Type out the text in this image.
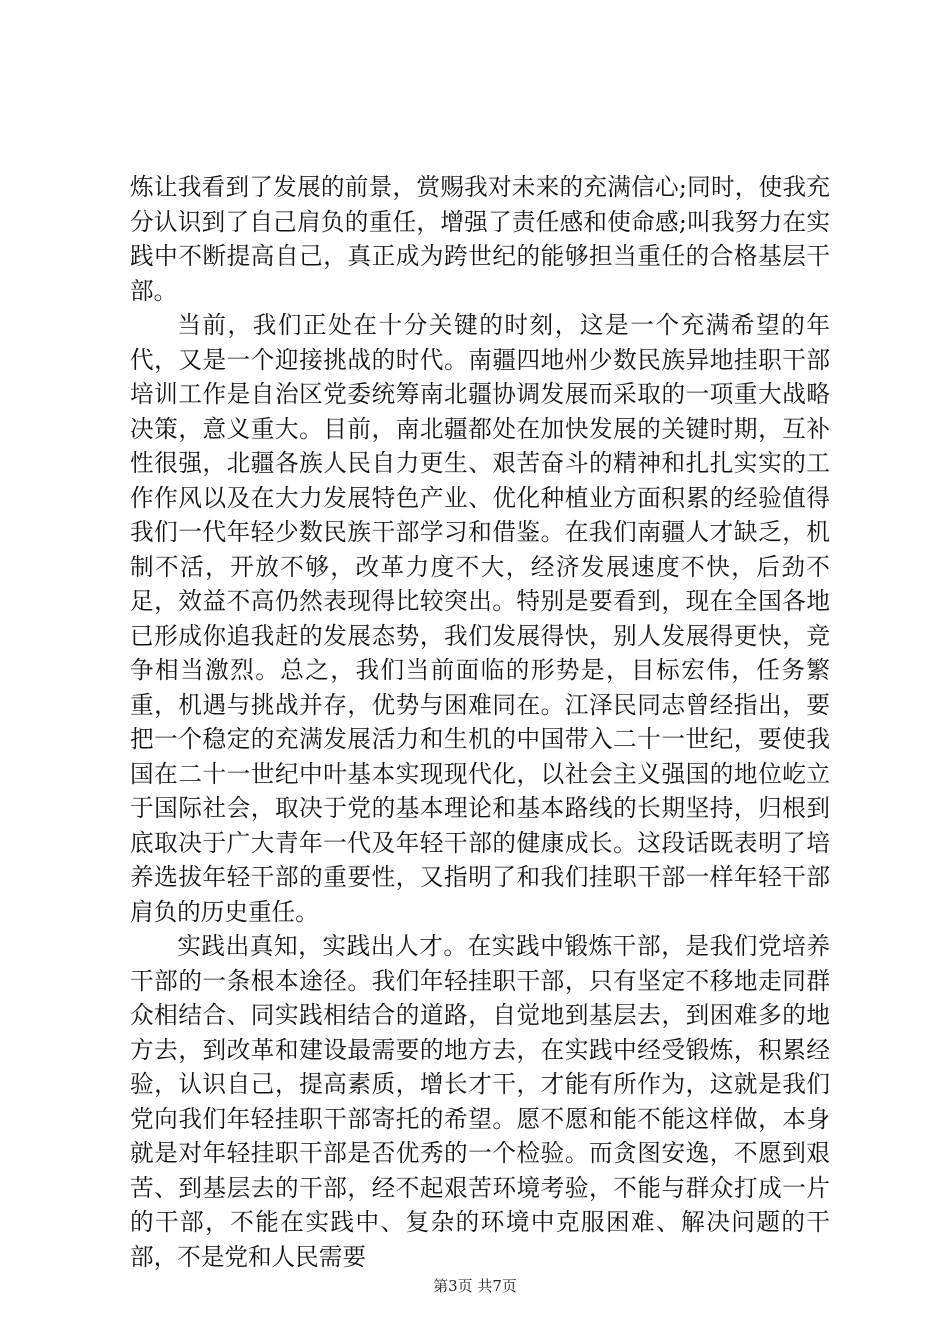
炼让我看到了发展的前景，赏赐我对未来的充满信心;同时，使我充分认识到了自己肩负的重任，增强了责任感和使命感;叫我努力在实践中不断提高自己，真正成为跨世纪的能够担当重任的合格基层干部。

当前，我们正处在十分关键的时刻，这是一个充满希望的年代，又是一个迎接挑战的时代。南疆四地州少数民族异地挂职干部培训工作是自治区党委统筹南北疆协调发展而采取的一项重大战略决策，意义重大。目前，南北疆都处在加快发展的关键时期，互补性很强，北疆各族人民自力更生、艰苦奋斗的精神和扎扎实实的工作作风以及在大力发展特色产业、优化种植业方面积累的经验值得我们一代年轻少数民族干部学习和借鉴。在我们南疆人才缺乏，机制不活，开放不够，改革力度不大，经济发展速度不快，后劲不足，效益不高仍然表现得比较突出。特别是要看到，现在全国各地已形成你追我赶的发展态势，我们发展得快，别人发展得更快，竞争相当激烈。总之，我们当前面临的形势是，目标宏伟，任务繁重，机遇与挑战并存，优势与困难同在。江泽民同志曾经指出，要把一个稳定的充满发展活力和生机的中国带入二十一世纪，要使我国在二十一世纪中叶基本实现现代化，以社会主义强国的地位屹立于国际社会，取决于党的基本理论和基本路线的长期坚持，归根到底取决于广大青年一代及年轻干部的健康成长。这段话既表明了培养选拔年轻干部的重要性，又指明了和我们挂职干部一样年轻干部肩负的历史重任。

实践出真知，实践出人才。在实践中锻炼干部，是我们党培养干部的一条根本途径。我们年轻挂职干部，只有坚定不移地走同群众相结合、同实践相结合的道路，自觉地到基层去，到困难多的地方去，到改革和建设最需要的地方去，在实践中经受锻炼，积累经验，认识自己，提高素质，增长才干，才能有所作为，这就是我们党向我们年轻挂职干部寄托的希望。愿不愿和能不能这样做，本身就是对年轻挂职干部是否优秀的一个检验。而贪图安逸，不愿到艰苦、到基层去的干部，经不起艰苦环境考验，不能与群众打成一片的干部，不能在实践中、复杂的环境中克服困难、解决问题的干部，不是党和人民需要

第3页 共7页
